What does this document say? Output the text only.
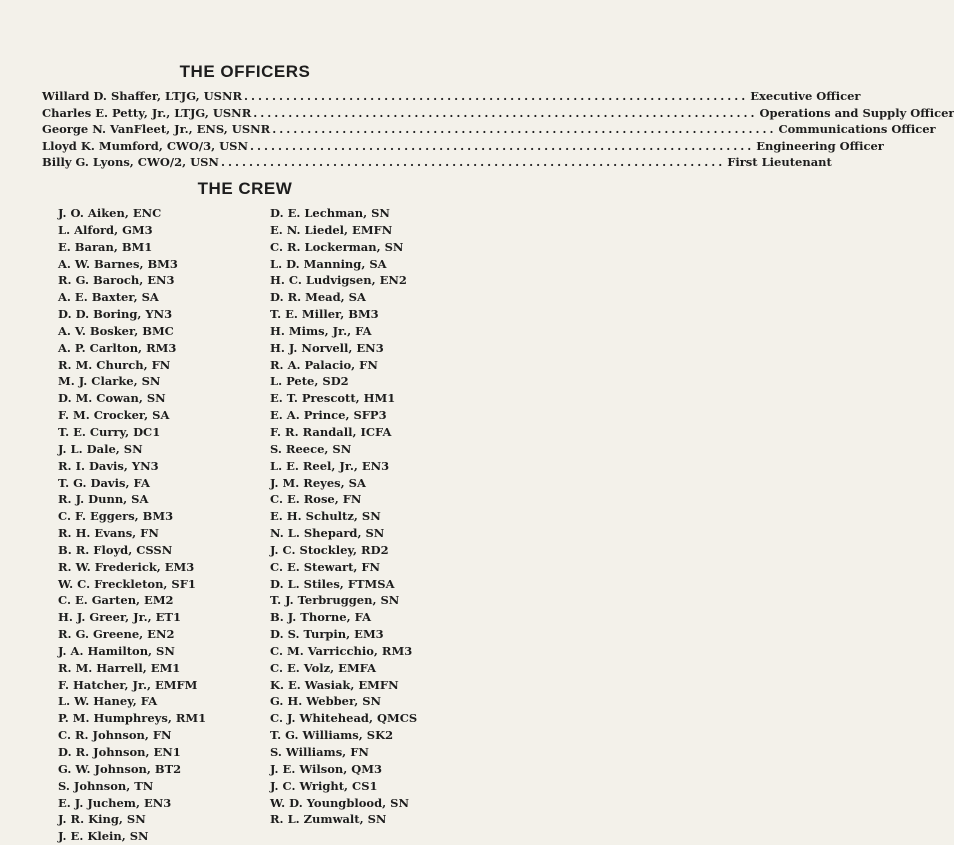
THE OFFICERS
Willard D. Shaffer, LTJG, USNR ........................................................................ Executive Officer
Charles E. Petty, Jr., LTJG, USNR ........................................................................ Operations and Supply Officer
George N. VanFleet, Jr., ENS, USNR ........................................................................ Communications Officer
Lloyd K. Mumford, CWO/3, USN ........................................................................ Engineering Officer
Billy G. Lyons, CWO/2, USN ........................................................................ First Lieutenant
THE CREW
J. O. Aiken, ENC
L. Alford, GM3
E. Baran, BM1
A. W. Barnes, BM3
R. G. Baroch, EN3
A. E. Baxter, SA
D. D. Boring, YN3
A. V. Bosker, BMC
A. P. Carlton, RM3
R. M. Church, FN
M. J. Clarke, SN
D. M. Cowan, SN
F. M. Crocker, SA
T. E. Curry, DC1
J. L. Dale, SN
R. I. Davis, YN3
T. G. Davis, FA
R. J. Dunn, SA
C. F. Eggers, BM3
R. H. Evans, FN
B. R. Floyd, CSSN
R. W. Frederick, EM3
W. C. Freckleton, SF1
C. E. Garten, EM2
H. J. Greer, Jr., ET1
R. G. Greene, EN2
J. A. Hamilton, SN
R. M. Harrell, EM1
F. Hatcher, Jr., EMFM
L. W. Haney, FA
P. M. Humphreys, RM1
C. R. Johnson, FN
D. R. Johnson, EN1
G. W. Johnson, BT2
S. Johnson, TN
E. J. Juchem, EN3
J. R. King, SN
J. E. Klein, SN
D. E. Lechman, SN
E. N. Liedel, EMFN
C. R. Lockerman, SN
L. D. Manning, SA
H. C. Ludvigsen, EN2
D. R. Mead, SA
T. E. Miller, BM3
H. Mims, Jr., FA
H. J. Norvell, EN3
R. A. Palacio, FN
L. Pete, SD2
E. T. Prescott, HM1
E. A. Prince, SFP3
F. R. Randall, ICFA
S. Reece, SN
L. E. Reel, Jr., EN3
J. M. Reyes, SA
C. E. Rose, FN
E. H. Schultz, SN
N. L. Shepard, SN
J. C. Stockley, RD2
C. E. Stewart, FN
D. L. Stiles, FTMSA
T. J. Terbruggen, SN
B. J. Thorne, FA
D. S. Turpin, EM3
C. M. Varricchio, RM3
C. E. Volz, EMFA
K. E. Wasiak, EMFN
G. H. Webber, SN
C. J. Whitehead, QMCS
T. G. Williams, SK2
S. Williams, FN
J. E. Wilson, QM3
J. C. Wright, CS1
W. D. Youngblood, SN
R. L. Zumwalt, SN
